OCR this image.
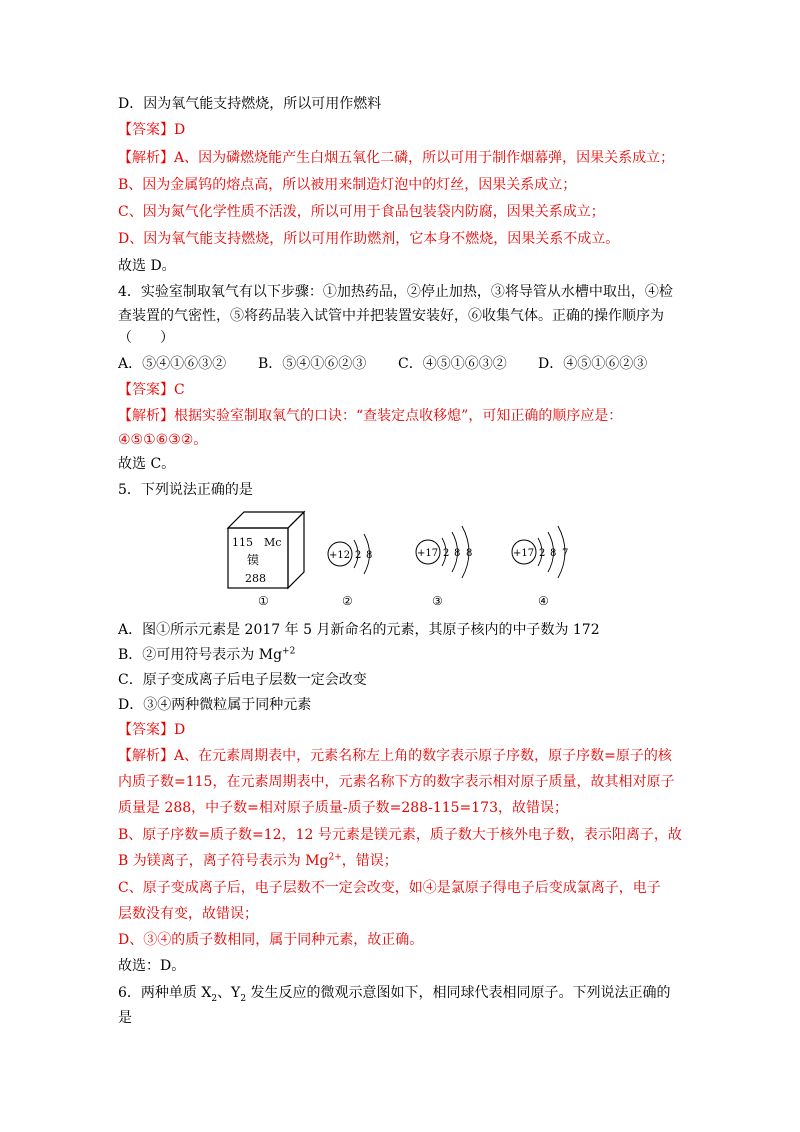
D．因为氧气能支持燃烧，所以可用作燃料
【答案】D
【解析】A、因为磷燃烧能产生白烟五氧化二磷，所以可用于制作烟幕弹，因果关系成立；
B、因为金属钨的熔点高，所以被用来制造灯泡中的灯丝，因果关系成立；
C、因为氮气化学性质不活泼，所以可用于食品包装袋内防腐，因果关系成立；
D、因为氧气能支持燃烧，所以可用作助燃剂，它本身不燃烧，因果关系不成立。
故选 D。
4．实验室制取氧气有以下步骤：①加热药品，②停止加热，③将导管从水槽中取出，④检
查装置的气密性，⑤将药品装入试管中并把装置安装好，⑥收集气体。正确的操作顺序为
（　　）
A．⑤④①⑥③② B．⑤④①⑥②③ C．④⑤①⑥③② D．④⑤①⑥②③
【答案】C
【解析】根据实验室制取氧气的口诀：“查装定点收移熄”，可知正确的顺序应是：
④⑤①⑥③②。
故选 C。
5．下列说法正确的是
115 Mc
镆
288
+12 2 8	+17 2 8 8	+17 2 8 7
①	②	③	④
A．图①所示元素是 2017 年 5 月新命名的元素，其原子核内的中子数为 172
B．②可用符号表示为 $Mg^{+2}$
C．原子变成离子后电子层数一定会改变
D．③④两种微粒属于同种元素
【答案】D
【解析】A、在元素周期表中，元素名称左上角的数字表示原子序数，原子序数=原子的核
内质子数=115，在元素周期表中，元素名称下方的数字表示相对原子质量，故其相对原子
质量是 288，中子数=相对原子质量-质子数=288-115=173，故错误；
B、原子序数=质子数=12，12 号元素是镁元素，质子数大于核外电子数，表示阳离子，故
B 为镁离子，离子符号表示为 $Mg^{2+}$，错误；
C、原子变成离子后，电子层数不一定会改变，如④是氯原子得电子后变成氯离子，电子
层数没有变，故错误；
D、③④的质子数相同，属于同种元素，故正确。
故选：D。
6．两种单质 $X_2$、$Y_2$ 发生反应的微观示意图如下，相同球代表相同原子。下列说法正确的
是
